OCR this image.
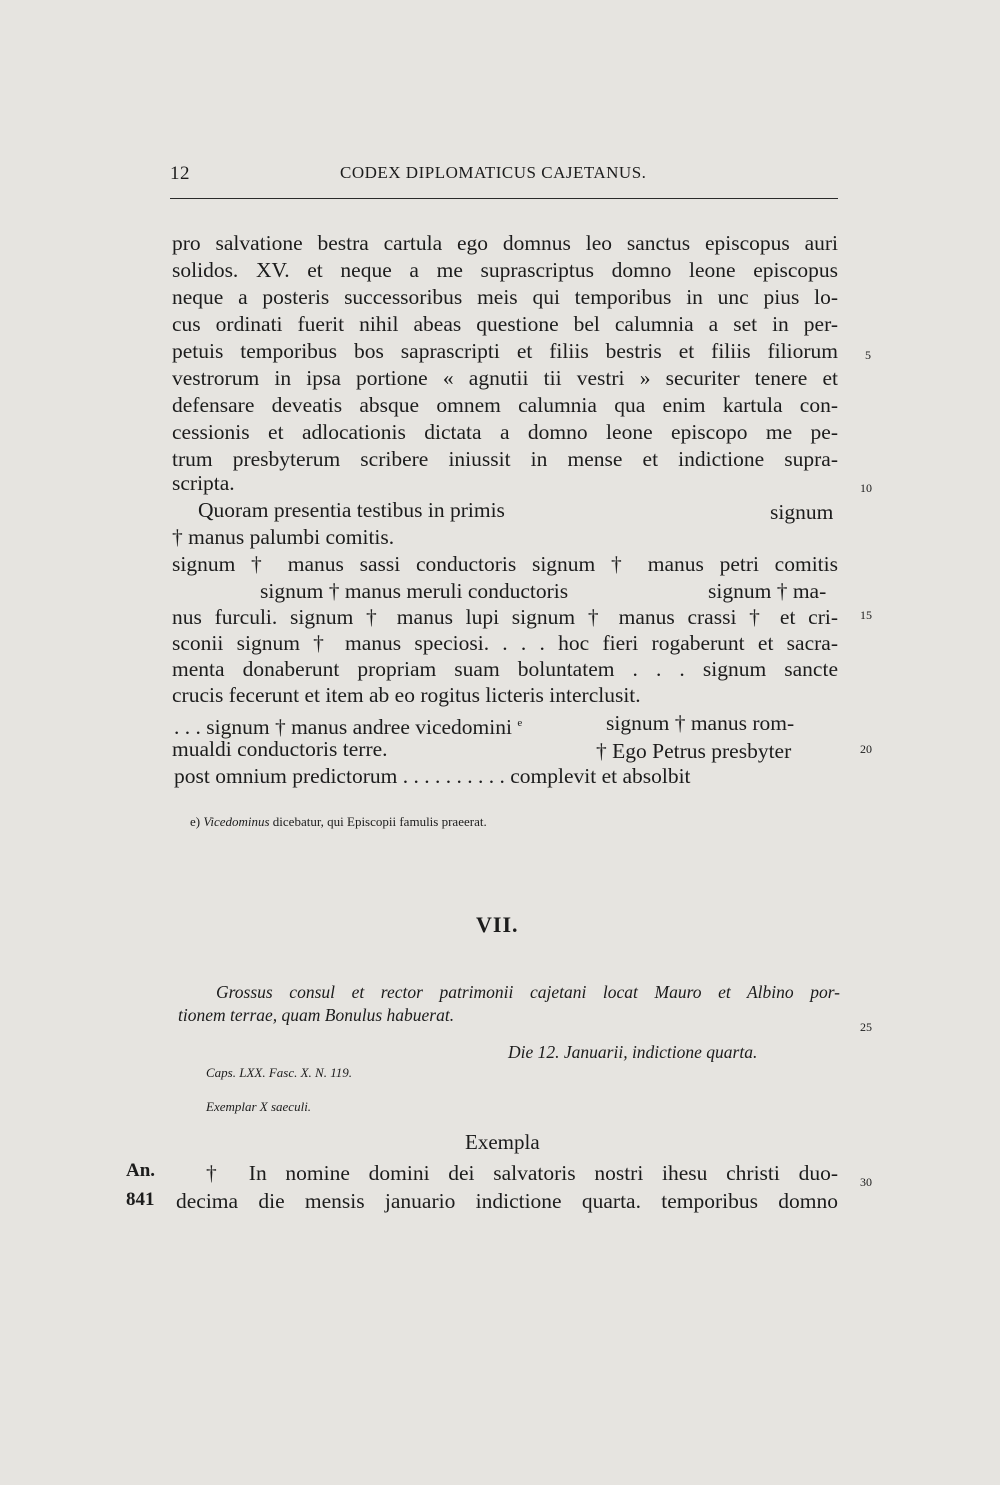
12	CODEX DIPLOMATICUS CAJETANUS.
pro salvatione bestra cartula ego domnus leo sanctus episcopus auri
solidos. XV. et neque a me suprascriptus domno leone episcopus
neque a posteris successoribus meis qui temporibus in unc pius lo-
cus ordinati fuerit nihil abeas questione bel calumnia a set in per-
petuis temporibus bos saprascripti et filiis bestris et filiis filiorum
vestrorum in ipsa portione « agnutii tii vestri » securiter tenere et
defensare deveatis absque omnem calumnia qua enim kartula con-
cessionis et adlocationis dictata a domno leone episcopo me pe-
trum presbyterum scribere iniussit in mense et indictione supra-
scripta.
Quoram presentia testibus in primis	signum
† manus palumbi comitis.
signum † manus sassi conductoris signum † manus petri comitis
signum † manus meruli conductoris	signum † ma-
nus furculi. signum † manus lupi signum † manus crassi † et cri-
sconii signum † manus speciosi. . . . hoc fieri rogaberunt et sacra-
menta donaberunt propriam suam boluntatem . . . signum sancte
crucis fecerunt et item ab eo rogitus licteris interclusit.
. . . signum † manus andree vicedomini $^e$	signum † manus rom-
mualdi conductoris terre.	† Ego Petrus presbyter
post omnium predictorum . . . . . . . . . . complevit et absolbit
e) Vicedominus dicebatur, qui Episcopii famulis praeerat.
VII.
Grossus consul et rector patrimonii cajetani locat Mauro et Albino por-
tionem terrae, quam Bonulus habuerat.
Die 12. Januarii, indictione quarta.
Caps. LXX. Fasc. X. N. 119.
Exemplar X saeculi.
Exempla
An.
841
† In nomine domini dei salvatoris nostri ihesu christi duo-
decima die mensis januario indictione quarta. temporibus domno
5
10
15
20
25
30
